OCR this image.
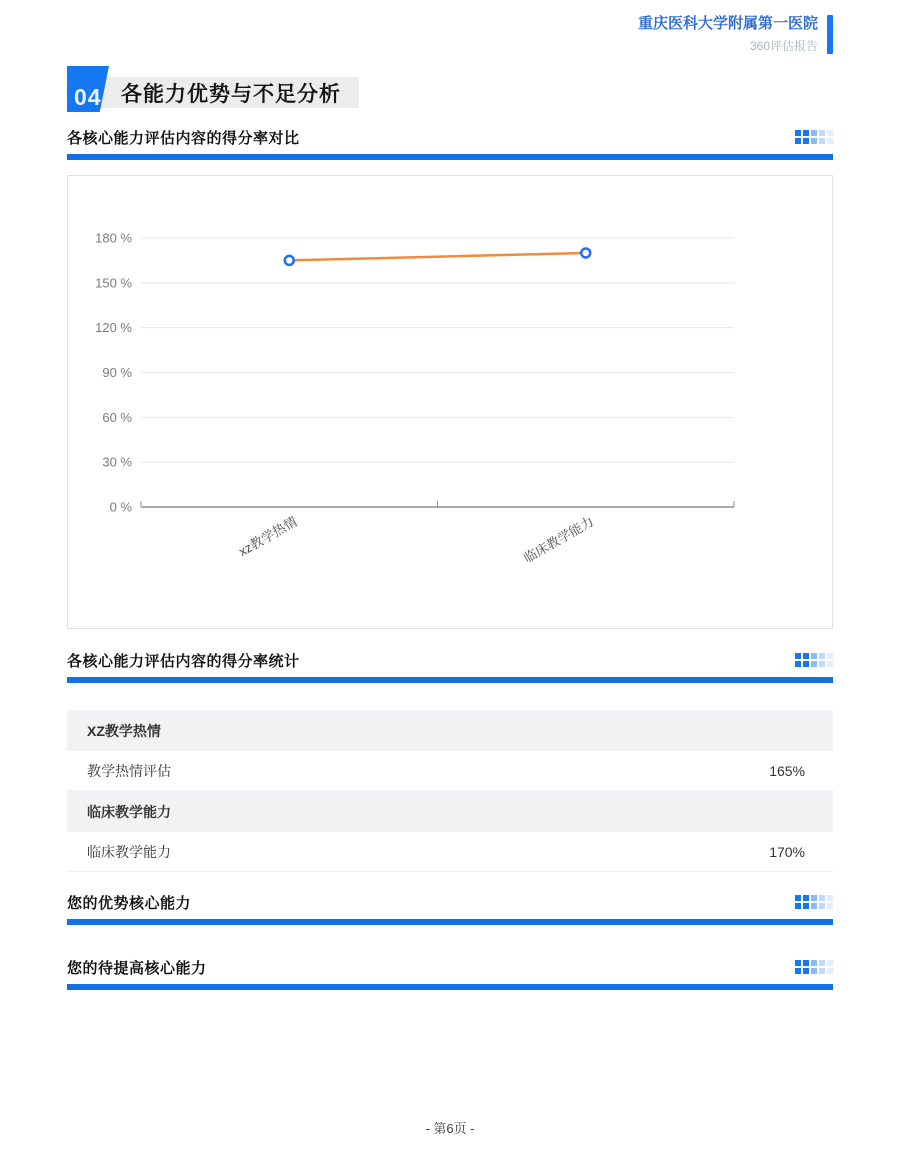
重庆医科大学附属第一医院
360评估报告
各能力优势与不足分析
04
各核心能力评估内容的得分率对比
0 %
30 %
60 %
90 %
120 %
150 %
180 %
xz教学热情	临床教学能力
各核心能力评估内容的得分率统计
XZ教学热情
教学热情评估	165%
临床教学能力
临床教学能力	170%
您的优势核心能力
您的待提高核心能力
- 第6页 -
